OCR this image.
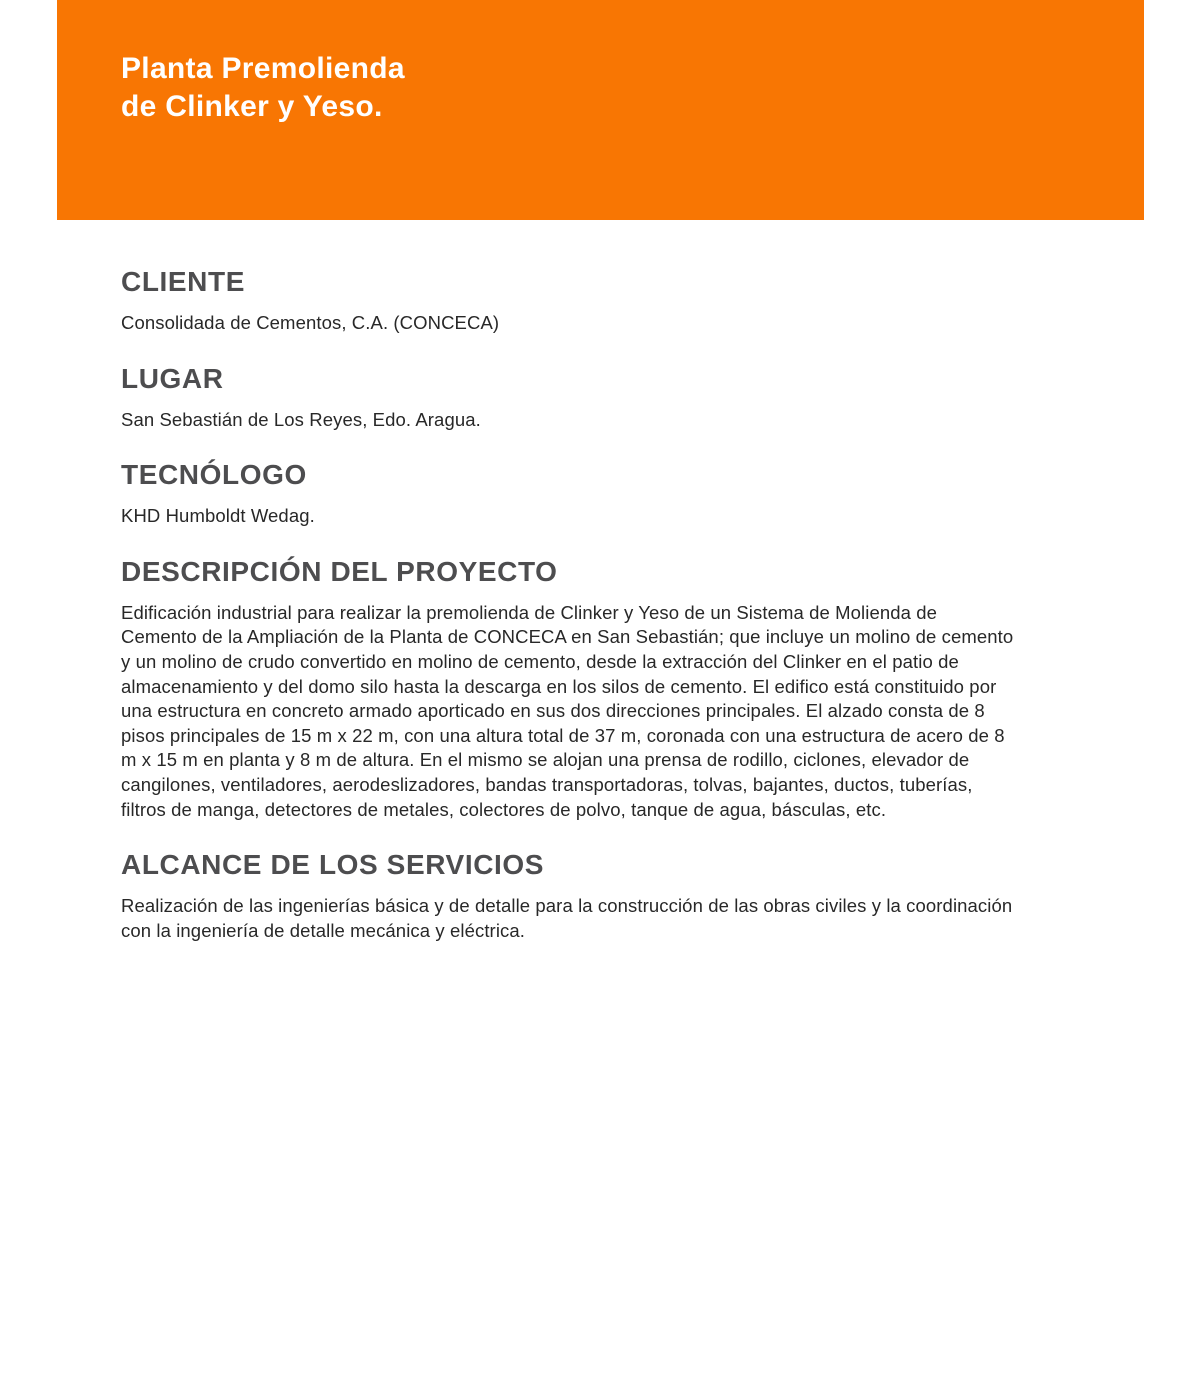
Planta Premolienda
de Clinker y Yeso.
CLIENTE

Consolidada de Cementos, C.A. (CONCECA)

LUGAR

San Sebastián de Los Reyes, Edo. Aragua.

TECNÓLOGO

KHD Humboldt Wedag.

DESCRIPCIÓN DEL PROYECTO

Edificación industrial para realizar la premolienda de Clinker y Yeso de un Sistema de Molienda de Cemento de la Ampliación de la Planta de CONCECA en San Sebastián; que incluye un molino de cemento y un molino de crudo convertido en molino de cemento, desde la extracción del Clinker en el patio de almacenamiento y del domo silo hasta la descarga en los silos de cemento. El edifico está constituido por una estructura en concreto armado aporticado en sus dos direcciones principales. El alzado consta de 8 pisos principales de 15 m x 22 m, con una altura total de 37 m, coronada con una estructura de acero de 8 m x 15 m en planta y 8 m de altura. En el mismo se alojan una prensa de rodillo, ciclones, elevador de cangilones, ventiladores, aerodeslizadores, bandas transportadoras, tolvas, bajantes, ductos, tuberías, filtros de manga, detectores de metales, colectores de polvo, tanque de agua, básculas, etc.

ALCANCE DE LOS SERVICIOS

Realización de las ingenierías básica y de detalle para la construcción de las obras civiles y la coordinación con la ingeniería de detalle mecánica y eléctrica.
